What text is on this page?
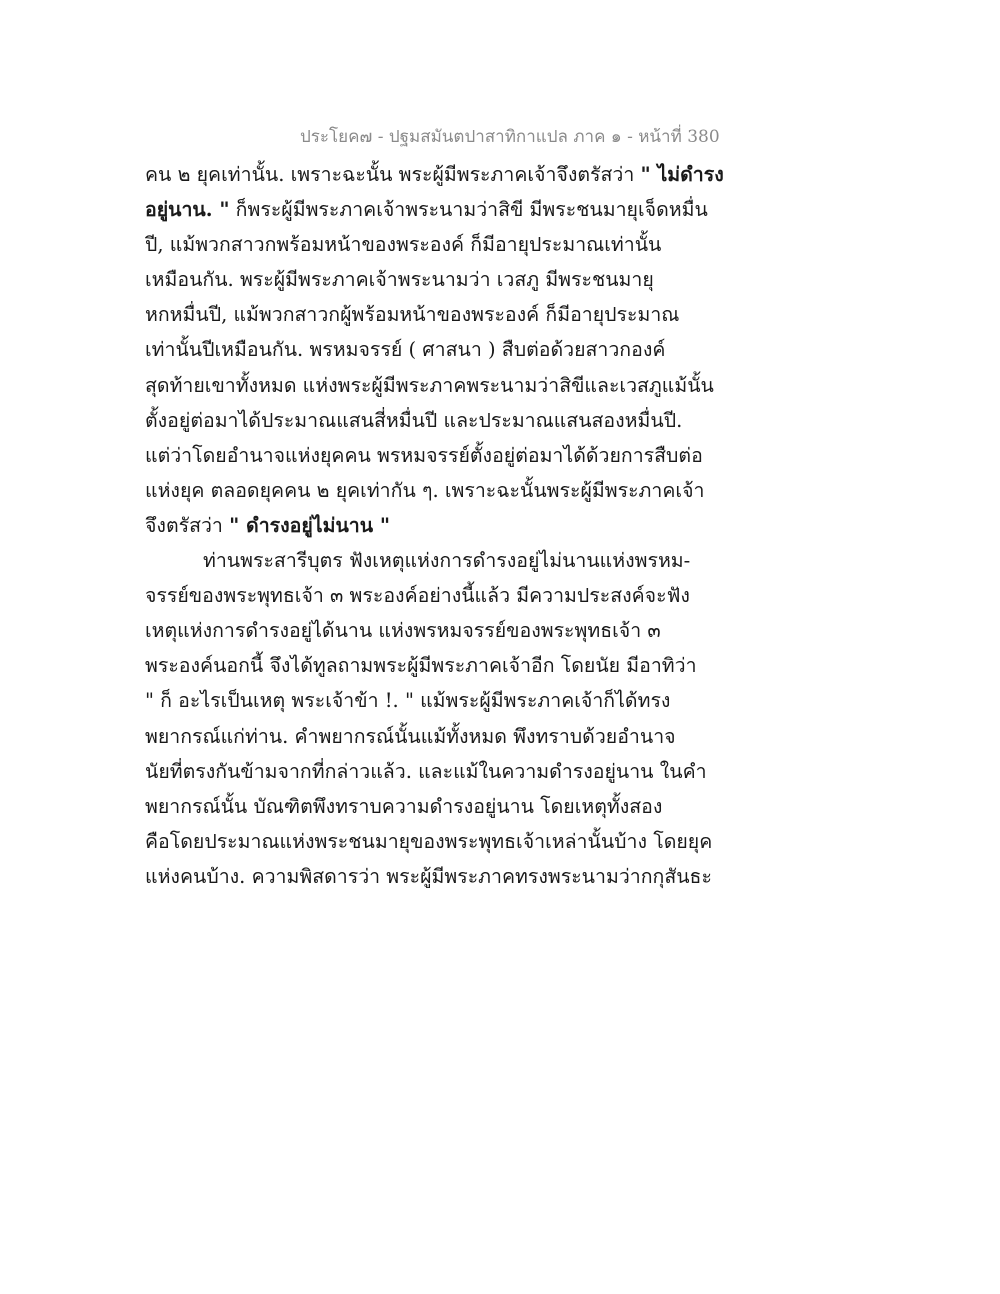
ประโยค๗ - ปฐมสมันตปาสาทิกาแปล ภาค ๑ - หน้าที่ 380
คน ๒ ยุคเท่านั้น. เพราะฉะนั้น พระผู้มีพระภาคเจ้าจึงตรัสว่า " ไม่ดำรง
อยู่นาน. " ก็พระผู้มีพระภาคเจ้าพระนามว่าสิขี มีพระชนมายุเจ็ดหมื่น
ปี, แม้พวกสาวกพร้อมหน้าของพระองค์ ก็มีอายุประมาณเท่านั้น
เหมือนกัน. พระผู้มีพระภาคเจ้าพระนามว่า เวสภู มีพระชนมายุ
หกหมื่นปี, แม้พวกสาวกผู้พร้อมหน้าของพระองค์ ก็มีอายุประมาณ
เท่านั้นปีเหมือนกัน. พรหมจรรย์ ( ศาสนา ) สืบต่อด้วยสาวกองค์
สุดท้ายเขาทั้งหมด แห่งพระผู้มีพระภาคพระนามว่าสิขีและเวสภูแม้นั้น
ตั้งอยู่ต่อมาได้ประมาณแสนสี่หมื่นปี และประมาณแสนสองหมื่นปี.
แต่ว่าโดยอำนาจแห่งยุคคน พรหมจรรย์ตั้งอยู่ต่อมาได้ด้วยการสืบต่อ
แห่งยุค ตลอดยุคคน ๒ ยุคเท่ากัน ๆ. เพราะฉะนั้นพระผู้มีพระภาคเจ้า
จึงตรัสว่า " ดำรงอยู่ไม่นาน "
ท่านพระสารีบุตร ฟังเหตุแห่งการดำรงอยู่ไม่นานแห่งพรหม-
จรรย์ของพระพุทธเจ้า ๓ พระองค์อย่างนี้แล้ว มีความประสงค์จะฟัง
เหตุแห่งการดำรงอยู่ได้นาน แห่งพรหมจรรย์ของพระพุทธเจ้า ๓
พระองค์นอกนี้ จึงได้ทูลถามพระผู้มีพระภาคเจ้าอีก โดยนัย มีอาทิว่า
" ก็ อะไรเป็นเหตุ พระเจ้าข้า !. " แม้พระผู้มีพระภาคเจ้าก็ได้ทรง
พยากรณ์แก่ท่าน. คำพยากรณ์นั้นแม้ทั้งหมด พึงทราบด้วยอำนาจ
นัยที่ตรงกันข้ามจากที่กล่าวแล้ว. และแม้ในความดำรงอยู่นาน ในคำ
พยากรณ์นั้น บัณฑิตพึงทราบความดำรงอยู่นาน โดยเหตุทั้งสอง
คือโดยประมาณแห่งพระชนมายุของพระพุทธเจ้าเหล่านั้นบ้าง โดยยุค
แห่งคนบ้าง. ความพิสดารว่า พระผู้มีพระภาคทรงพระนามว่ากกุสันธะ
